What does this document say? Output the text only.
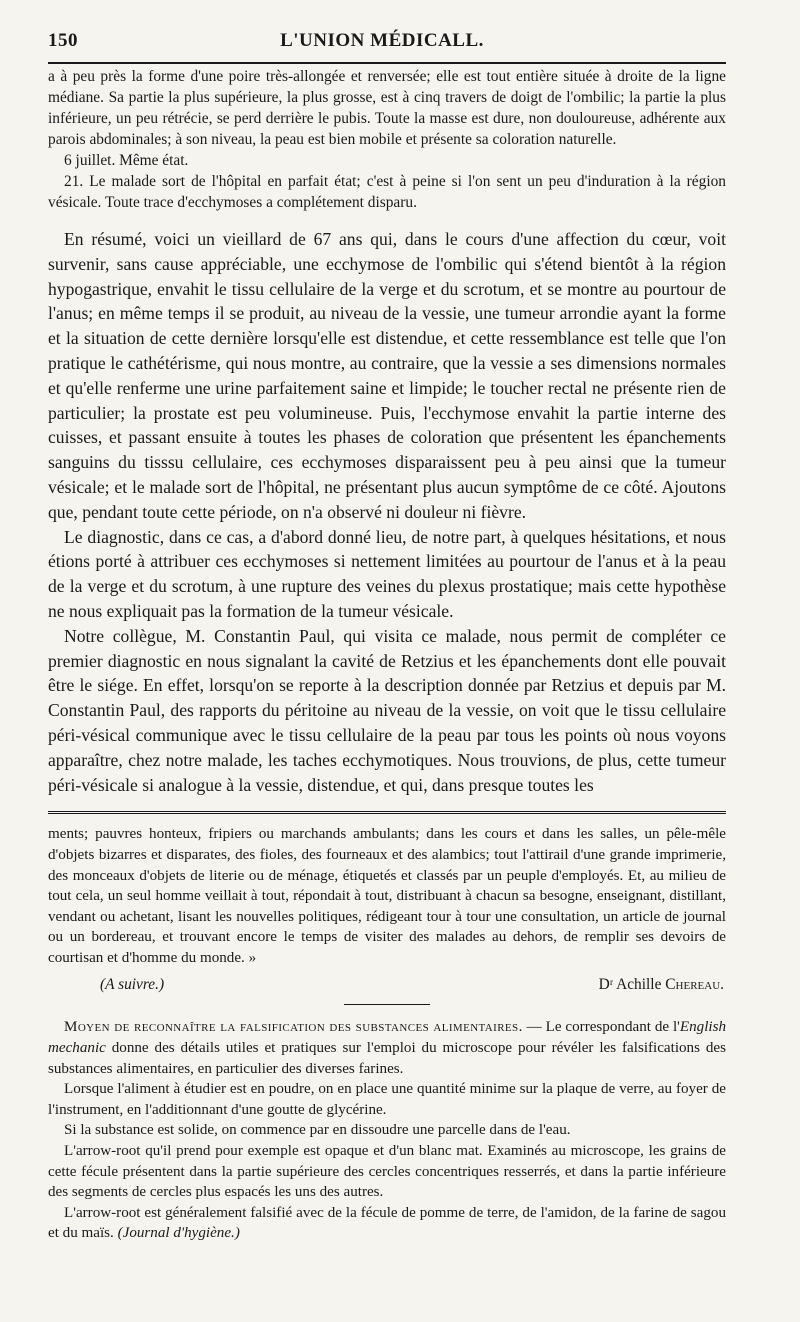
150	L'UNION MÉDICALL.

a à peu près la forme d'une poire très-allongée et renversée; elle est tout entière située à droite de la ligne médiane. Sa partie la plus supérieure, la plus grosse, est à cinq travers de doigt de l'ombilic; la partie la plus inférieure, un peu rétrécie, se perd derrière le pubis. Toute la masse est dure, non douloureuse, adhérente aux parois abdominales; à son niveau, la peau est bien mobile et présente sa coloration naturelle.

6 juillet. Même état.

21. Le malade sort de l'hôpital en parfait état; c'est à peine si l'on sent un peu d'induration à la région vésicale. Toute trace d'ecchymoses a complétement disparu.

En résumé, voici un vieillard de 67 ans qui, dans le cours d'une affection du cœur, voit survenir, sans cause appréciable, une ecchymose de l'ombilic qui s'étend bientôt à la région hypogastrique, envahit le tissu cellulaire de la verge et du scrotum, et se montre au pourtour de l'anus; en même temps il se produit, au niveau de la vessie, une tumeur arrondie ayant la forme et la situation de cette dernière lorsqu'elle est distendue, et cette ressemblance est telle que l'on pratique le cathétérisme, qui nous montre, au contraire, que la vessie a ses dimensions normales et qu'elle renferme une urine parfaitement saine et limpide; le toucher rectal ne présente rien de particulier; la prostate est peu volumineuse. Puis, l'ecchymose envahit la partie interne des cuisses, et passant ensuite à toutes les phases de coloration que présentent les épanchements sanguins du tisssu cellulaire, ces ecchymoses disparaissent peu à peu ainsi que la tumeur vésicale; et le malade sort de l'hôpital, ne présentant plus aucun symptôme de ce côté. Ajoutons que, pendant toute cette période, on n'a observé ni douleur ni fièvre.

Le diagnostic, dans ce cas, a d'abord donné lieu, de notre part, à quelques hésitations, et nous étions porté à attribuer ces ecchymoses si nettement limitées au pourtour de l'anus et à la peau de la verge et du scrotum, à une rupture des veines du plexus prostatique; mais cette hypothèse ne nous expliquait pas la formation de la tumeur vésicale.

Notre collègue, M. Constantin Paul, qui visita ce malade, nous permit de compléter ce premier diagnostic en nous signalant la cavité de Retzius et les épanchements dont elle pouvait être le siége. En effet, lorsqu'on se reporte à la description donnée par Retzius et depuis par M. Constantin Paul, des rapports du péritoine au niveau de la vessie, on voit que le tissu cellulaire péri-vésical communique avec le tissu cellulaire de la peau par tous les points où nous voyons apparaître, chez notre malade, les taches ecchymotiques. Nous trouvions, de plus, cette tumeur péri-vésicale si analogue à la vessie, distendue, et qui, dans presque toutes les

ments; pauvres honteux, fripiers ou marchands ambulants; dans les cours et dans les salles, un pêle-mêle d'objets bizarres et disparates, des fioles, des fourneaux et des alambics; tout l'attirail d'une grande imprimerie, des monceaux d'objets de literie ou de ménage, étiquetés et classés par un peuple d'employés. Et, au milieu de tout cela, un seul homme veillait à tout, répondait à tout, distribuant à chacun sa besogne, enseignant, distillant, vendant ou achetant, lisant les nouvelles politiques, rédigeant tour à tour une consultation, un article de journal ou un bordereau, et trouvant encore le temps de visiter des malades au dehors, de remplir ses devoirs de courtisan et d'homme du monde. »

(A suivre.)	Dʳ Achille Chereau.

Moyen de reconnaître la falsification des substances alimentaires. — Le correspondant de l'English mechanic donne des détails utiles et pratiques sur l'emploi du microscope pour révéler les falsifications des substances alimentaires, en particulier des diverses farines.

Lorsque l'aliment à étudier est en poudre, on en place une quantité minime sur la plaque de verre, au foyer de l'instrument, en l'additionnant d'une goutte de glycérine.

Si la substance est solide, on commence par en dissoudre une parcelle dans de l'eau.

L'arrow-root qu'il prend pour exemple est opaque et d'un blanc mat. Examinés au microscope, les grains de cette fécule présentent dans la partie supérieure des cercles concentriques resserrés, et dans la partie inférieure des segments de cercles plus espacés les uns des autres.

L'arrow-root est généralement falsifié avec de la fécule de pomme de terre, de l'amidon, de la farine de sagou et du maïs. (Journal d'hygiène.)
